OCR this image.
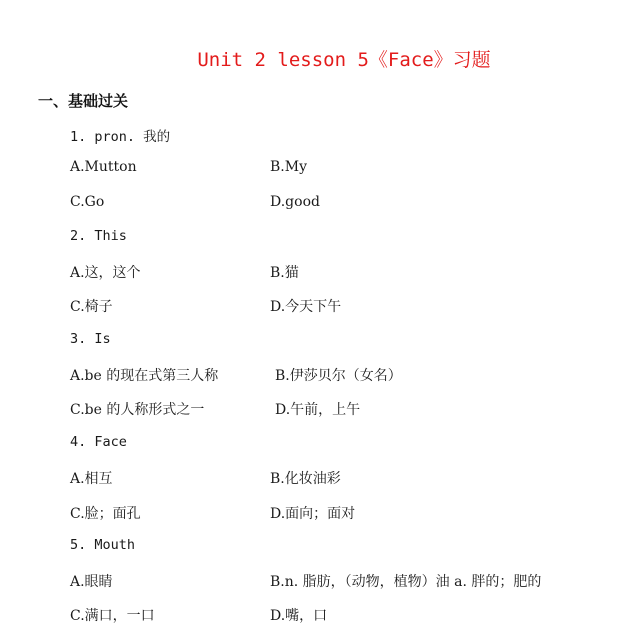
Unit 2 lesson 5《Face》习题
一、基础过关
1. pron. 我的
A.Mutton	B.My
C.Go	D.good
2. This
A.这，这个	B.猫
C.椅子	D.今天下午
3. Is
A.be 的现在式第三人称	B.伊莎贝尔（女名）
C.be 的人称形式之一	D.午前，上午
4. Face
A.相互	B.化妆油彩
C.脸；面孔	D.面向；面对
5. Mouth
A.眼睛	B.n. 脂肪，（动物，植物）油 a. 胖的；肥的
C.满口，一口	D.嘴，口
